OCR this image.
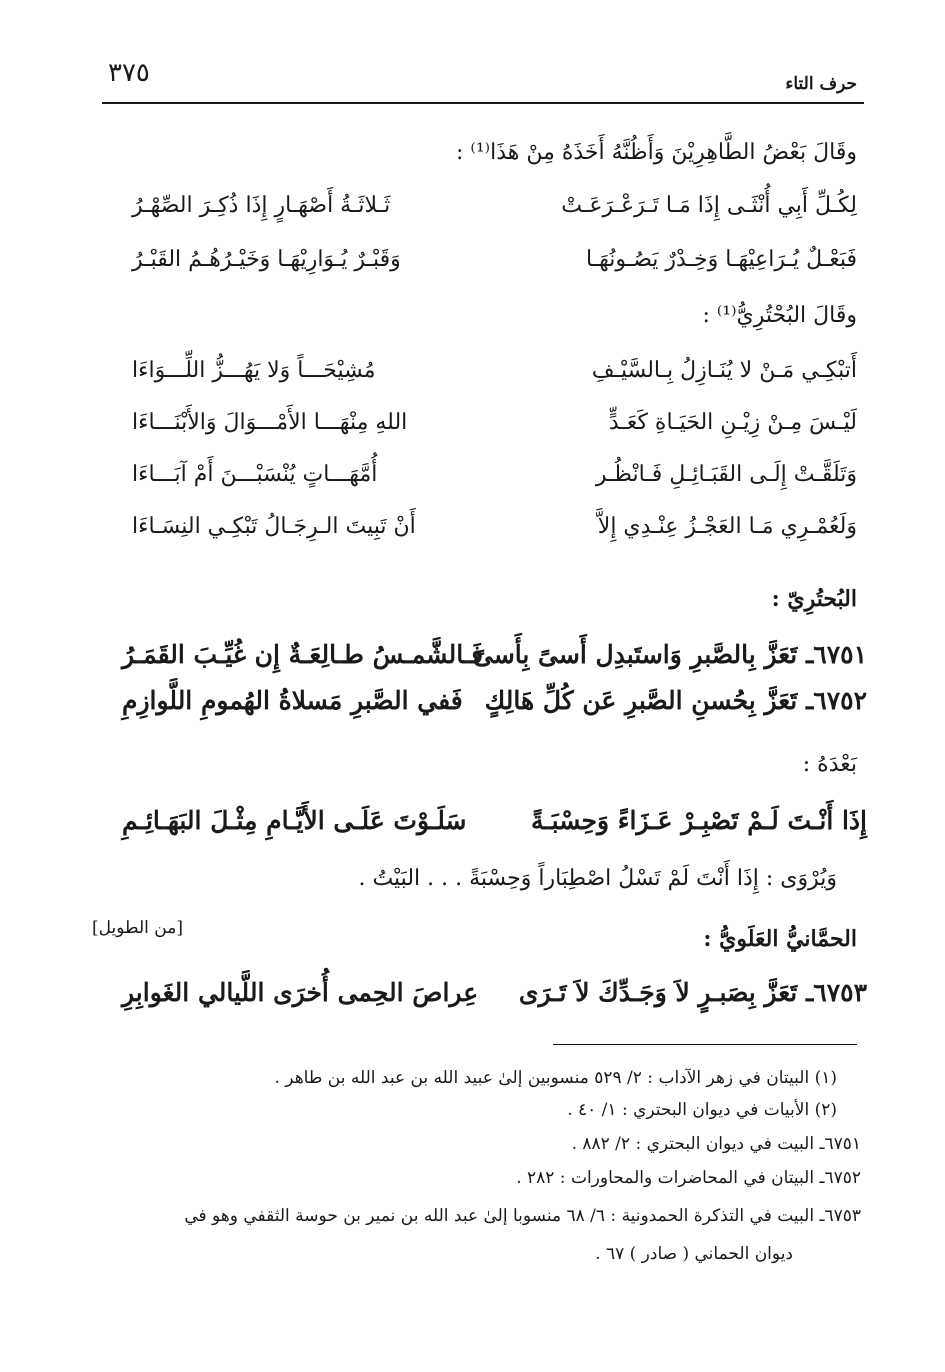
٣٧٥	حرف التاء
وقَالَ بَعْضُ الطَّاهِرِيْنَ وَأَظُنَّهُ أَخَذَهُ مِنْ هَذَا⁽¹⁾ :
لِكُـلِّ أَبِي أُنْثَـى إِذَا مَـا تَـرَعْـرَعَـتْ
ثَـلاثَـةُ أَصْهَـارٍ إِذَا ذُكِـرَ الصِّهْـرُ
فَبَعْـلٌ يُـرَاعِيْهَـا وَخِـدْرٌ يَصُـونُهَـا
وَقَبْـرٌ يُـوَارِيْهَـا وَخَيْـرُهُـمُ القَبْـرُ
وقَالَ البُحْتُرِيُّ⁽¹⁾ :
أَتبْكِـي مَـنْ لا يُنَـازِلُ بِـالسَّيْـفِ
مُشِيْحَـــاً وَلا يَهُـــزُّ اللِّـــوَاءَا
لَيْـسَ مِـنْ زِيْـنِ الحَيَـاةِ كَعَـدٍّ
اللهِ مِنْهَـــا الأَمْـــوَالَ وَالأَبْنَـــاءَا
وَتَلَقَّـتْ إِلَـى القَبَـائِـلِ فَـانْظُـر
أُمَّهَـــاتٍ يُنْسَبْـــنَ أَمْ آبَـــاءَا
وَلَعُمْـرِي مَـا العَجْـزُ عِنْـدِي إِلاَّ
أَنْ تَبِيتَ الـرِجَـالُ تَبْكِـي النِسَـاءَا
البُحتُرِيّ :
٦٧٥١ـ تَعَزَّ بِالصَّبرِ وَاستَبدِل أَسىً بِأَسىً
فَـالشَّمـسُ طـالِعَـةٌ إِن غُيِّـبَ القَمَـرُ
٦٧٥٢ـ تَعَزَّ بِحُسنِ الصَّبرِ عَن كُلِّ هَالِكٍ
فَفي الصَّبرِ مَسلاةُ الهُمومِ اللَّوازِمِ
بَعْدَهُ :
إِذَا أَنْـتَ لَـمْ تَصْبِـرْ عَـزَاءً وَحِسْبَـةً
سَلَـوْتَ عَلَـى الأَيَّـامِ مِثْـلَ البَهَـائِـمِ
وَيُرْوَى : إِذَا أَنْتَ لَمْ تَسْلُ اصْطِبَاراً وَحِسْبَةً . . . البَيْتُ .
الحمَّانيُّ العَلَويُّ :
[من الطويل]
٦٧٥٣ـ تَعَزَّ بِصَبـرٍ لاَ وَجَـدِّكَ لاَ تَـرَى
عِراصَ الحِمى أُخرَى اللَّيالي الغَوابِرِ
(١) البيتان في زهر الآداب : ٢/ ٥٢٩ منسوبين إلىٰ عبيد الله بن عبد الله بن طاهر .
(٢) الأبيات في ديوان البحتري : ١/ ٤٠ .
٦٧٥١ـ البيت في ديوان البحتري : ٢/ ٨٨٢ .
٦٧٥٢ـ البيتان في المحاضرات والمحاورات : ٢٨٢ .
٦٧٥٣ـ البيت في التذكرة الحمدونية : ٦/ ٦٨ منسوبا إلىٰ عبد الله بن نمير بن حوسة الثقفي وهو في
ديوان الحماني ( صادر ) ٦٧ .
